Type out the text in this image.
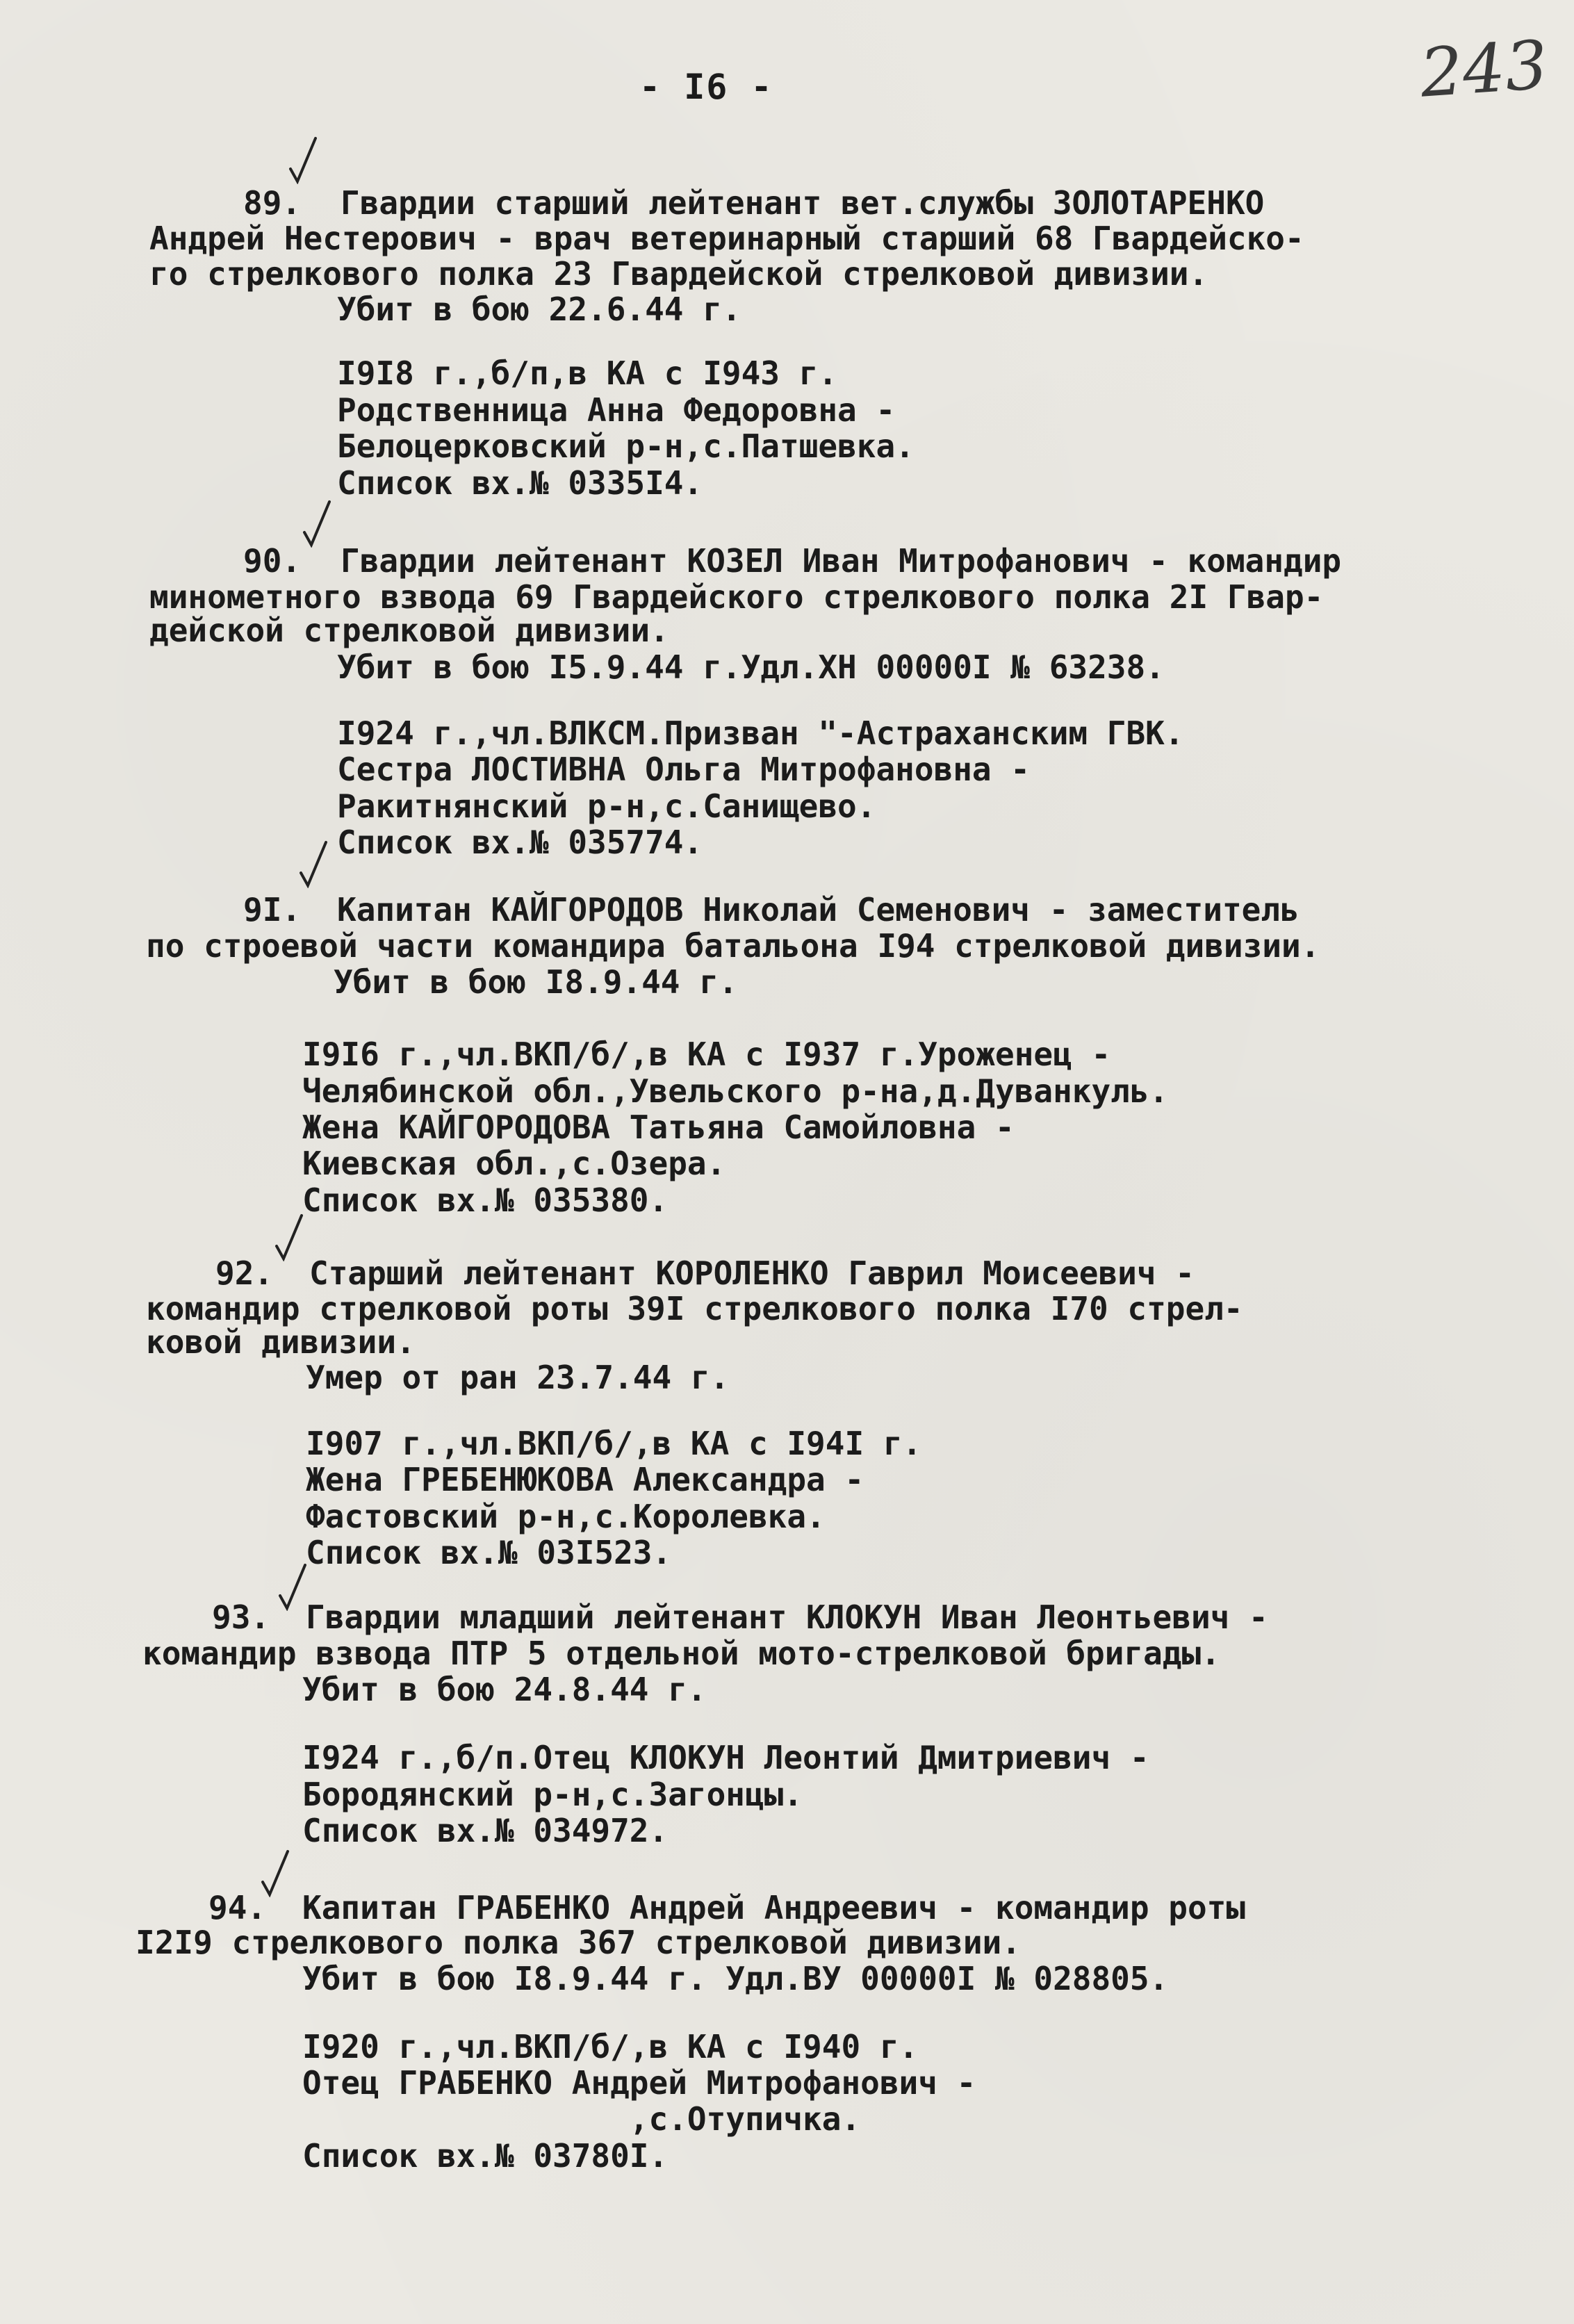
- I6 -	243
89. Гвардии старший лейтенант вет.службы ЗОЛОТАРЕНКО
Андрей Нестерович - врач ветеринарный старший 68 Гвардейско-
го стрелкового полка 23 Гвардейской стрелковой дивизии.
Убит в бою 22.6.44 г.
I9I8 г.,б/п,в КА с I943 г.
Родственница Анна Федоровна -
Белоцерковский р-н,с.Патшевка.
Список вх.№ 0335I4.
90. Гвардии лейтенант КОЗЕЛ Иван Митрофанович - командир
минометного взвода 69 Гвардейского стрелкового полка 2I Гвар-
дейской стрелковой дивизии.
Убит в бою I5.9.44 г.Удл.ХН 00000I № 63238.
I924 г.,чл.ВЛКСМ.Призван "-Астраханским ГВК.
Сестра ЛОСТИВНА Ольга Митрофановна -
Ракитнянский р-н,с.Санищево.
Список вх.№ 035774.
9I. Капитан КАЙГОРОДОВ Николай Семенович - заместитель
по строевой части командира батальона I94 стрелковой дивизии.
Убит в бою I8.9.44 г.
I9I6 г.,чл.ВКП/б/,в КА с I937 г.Уроженец -
Челябинской обл.,Увельского р-на,д.Дуванкуль.
Жена КАЙГОРОДОВА Татьяна Самойловна -
Киевская обл.,с.Озера.
Список вх.№ 035380.
92. Старший лейтенант КОРОЛЕНКО Гаврил Моисеевич -
командир стрелковой роты 39I стрелкового полка I70 стрел-
ковой дивизии.
Умер от ран 23.7.44 г.
I907 г.,чл.ВКП/б/,в КА с I94I г.
Жена ГРЕБЕНЮКОВА Александра -
Фастовский р-н,с.Королевка.
Список вх.№ 03I523.
93. Гвардии младший лейтенант КЛОКУН Иван Леонтьевич -
командир взвода ПТР 5 отдельной мото-стрелковой бригады.
Убит в бою 24.8.44 г.
I924 г.,б/п.Отец КЛОКУН Леонтий Дмитриевич -
Бородянский р-н,с.Загонцы.
Список вх.№ 034972.
94. Капитан ГРАБЕНКО Андрей Андреевич - командир роты
I2I9 стрелкового полка 367 стрелковой дивизии.
Убит в бою I8.9.44 г. Удл.ВУ 00000I № 028805.
I920 г.,чл.ВКП/б/,в КА с I940 г.
Отец ГРАБЕНКО Андрей Митрофанович -
,с.Отупичка.
Список вх.№ 03780I.
